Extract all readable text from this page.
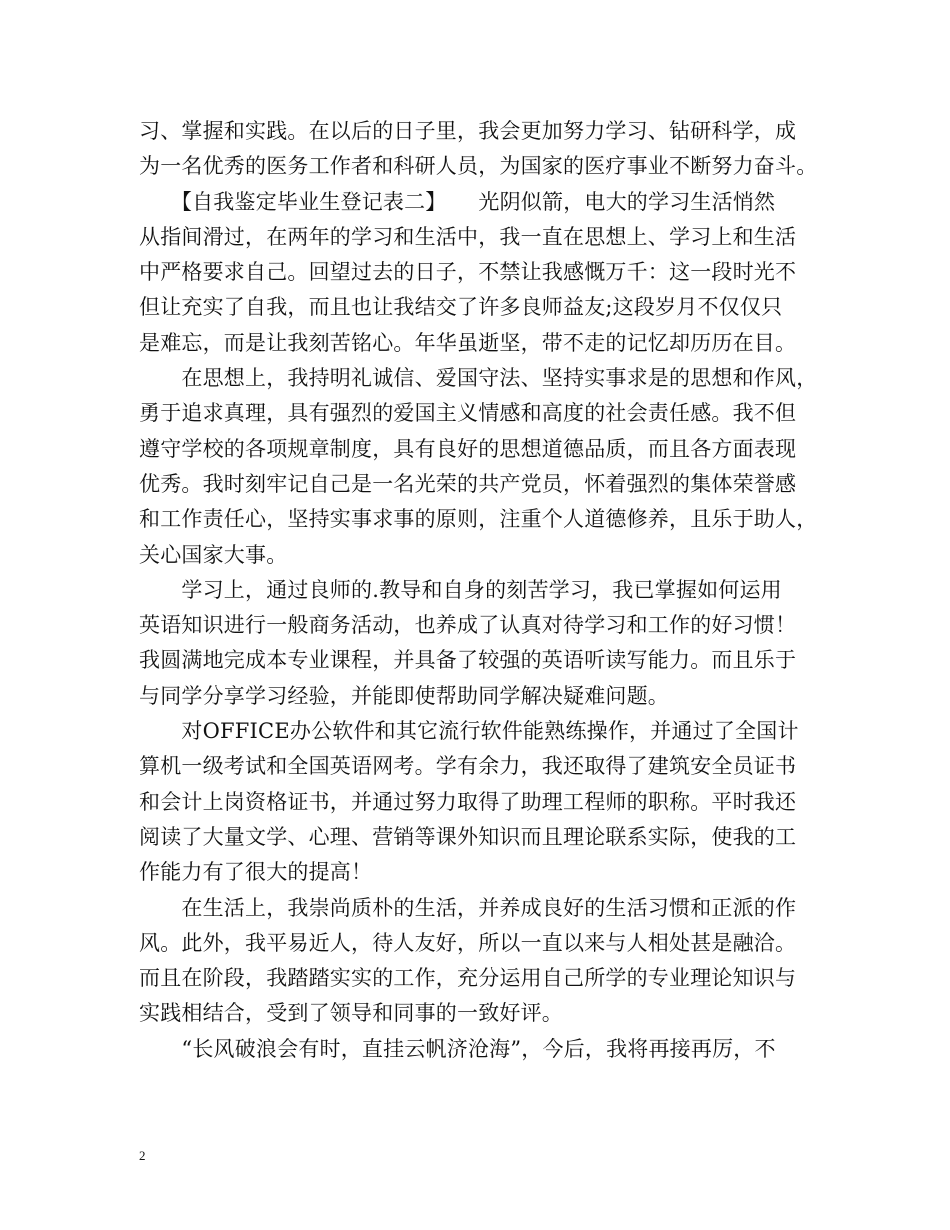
习、掌握和实践。在以后的日子里，我会更加努力学习、钻研科学，成
为一名优秀的医务工作者和科研人员，为国家的医疗事业不断努力奋斗。
　　【自我鉴定毕业生登记表二】　　光阴似箭，电大的学习生活悄然
从指间滑过，在两年的学习和生活中，我一直在思想上、学习上和生活
中严格要求自己。回望过去的日子，不禁让我感慨万千：这一段时光不
但让充实了自我，而且也让我结交了许多良师益友;这段岁月不仅仅只
是难忘，而是让我刻苦铭心。年华虽逝坚，带不走的记忆却历历在目。
　　在思想上，我持明礼诚信、爱国守法、坚持实事求是的思想和作风，
勇于追求真理，具有强烈的爱国主义情感和高度的社会责任感。我不但
遵守学校的各项规章制度，具有良好的思想道德品质，而且各方面表现
优秀。我时刻牢记自己是一名光荣的共产党员，怀着强烈的集体荣誉感
和工作责任心，坚持实事求事的原则，注重个人道德修养，且乐于助人，
关心国家大事。
　　学习上，通过良师的.教导和自身的刻苦学习，我已掌握如何运用
英语知识进行一般商务活动，也养成了认真对待学习和工作的好习惯！
我圆满地完成本专业课程，并具备了较强的英语听读写能力。而且乐于
与同学分享学习经验，并能即使帮助同学解决疑难问题。
　　对OFFICE办公软件和其它流行软件能熟练操作，并通过了全国计
算机一级考试和全国英语网考。学有余力，我还取得了建筑安全员证书
和会计上岗资格证书，并通过努力取得了助理工程师的职称。平时我还
阅读了大量文学、心理、营销等课外知识而且理论联系实际，使我的工
作能力有了很大的提高！
　　在生活上，我崇尚质朴的生活，并养成良好的生活习惯和正派的作
风。此外，我平易近人，待人友好，所以一直以来与人相处甚是融洽。
而且在阶段，我踏踏实实的工作，充分运用自己所学的专业理论知识与
实践相结合，受到了领导和同事的一致好评。
　　“长风破浪会有时，直挂云帆济沧海”，今后，我将再接再厉，不
2
